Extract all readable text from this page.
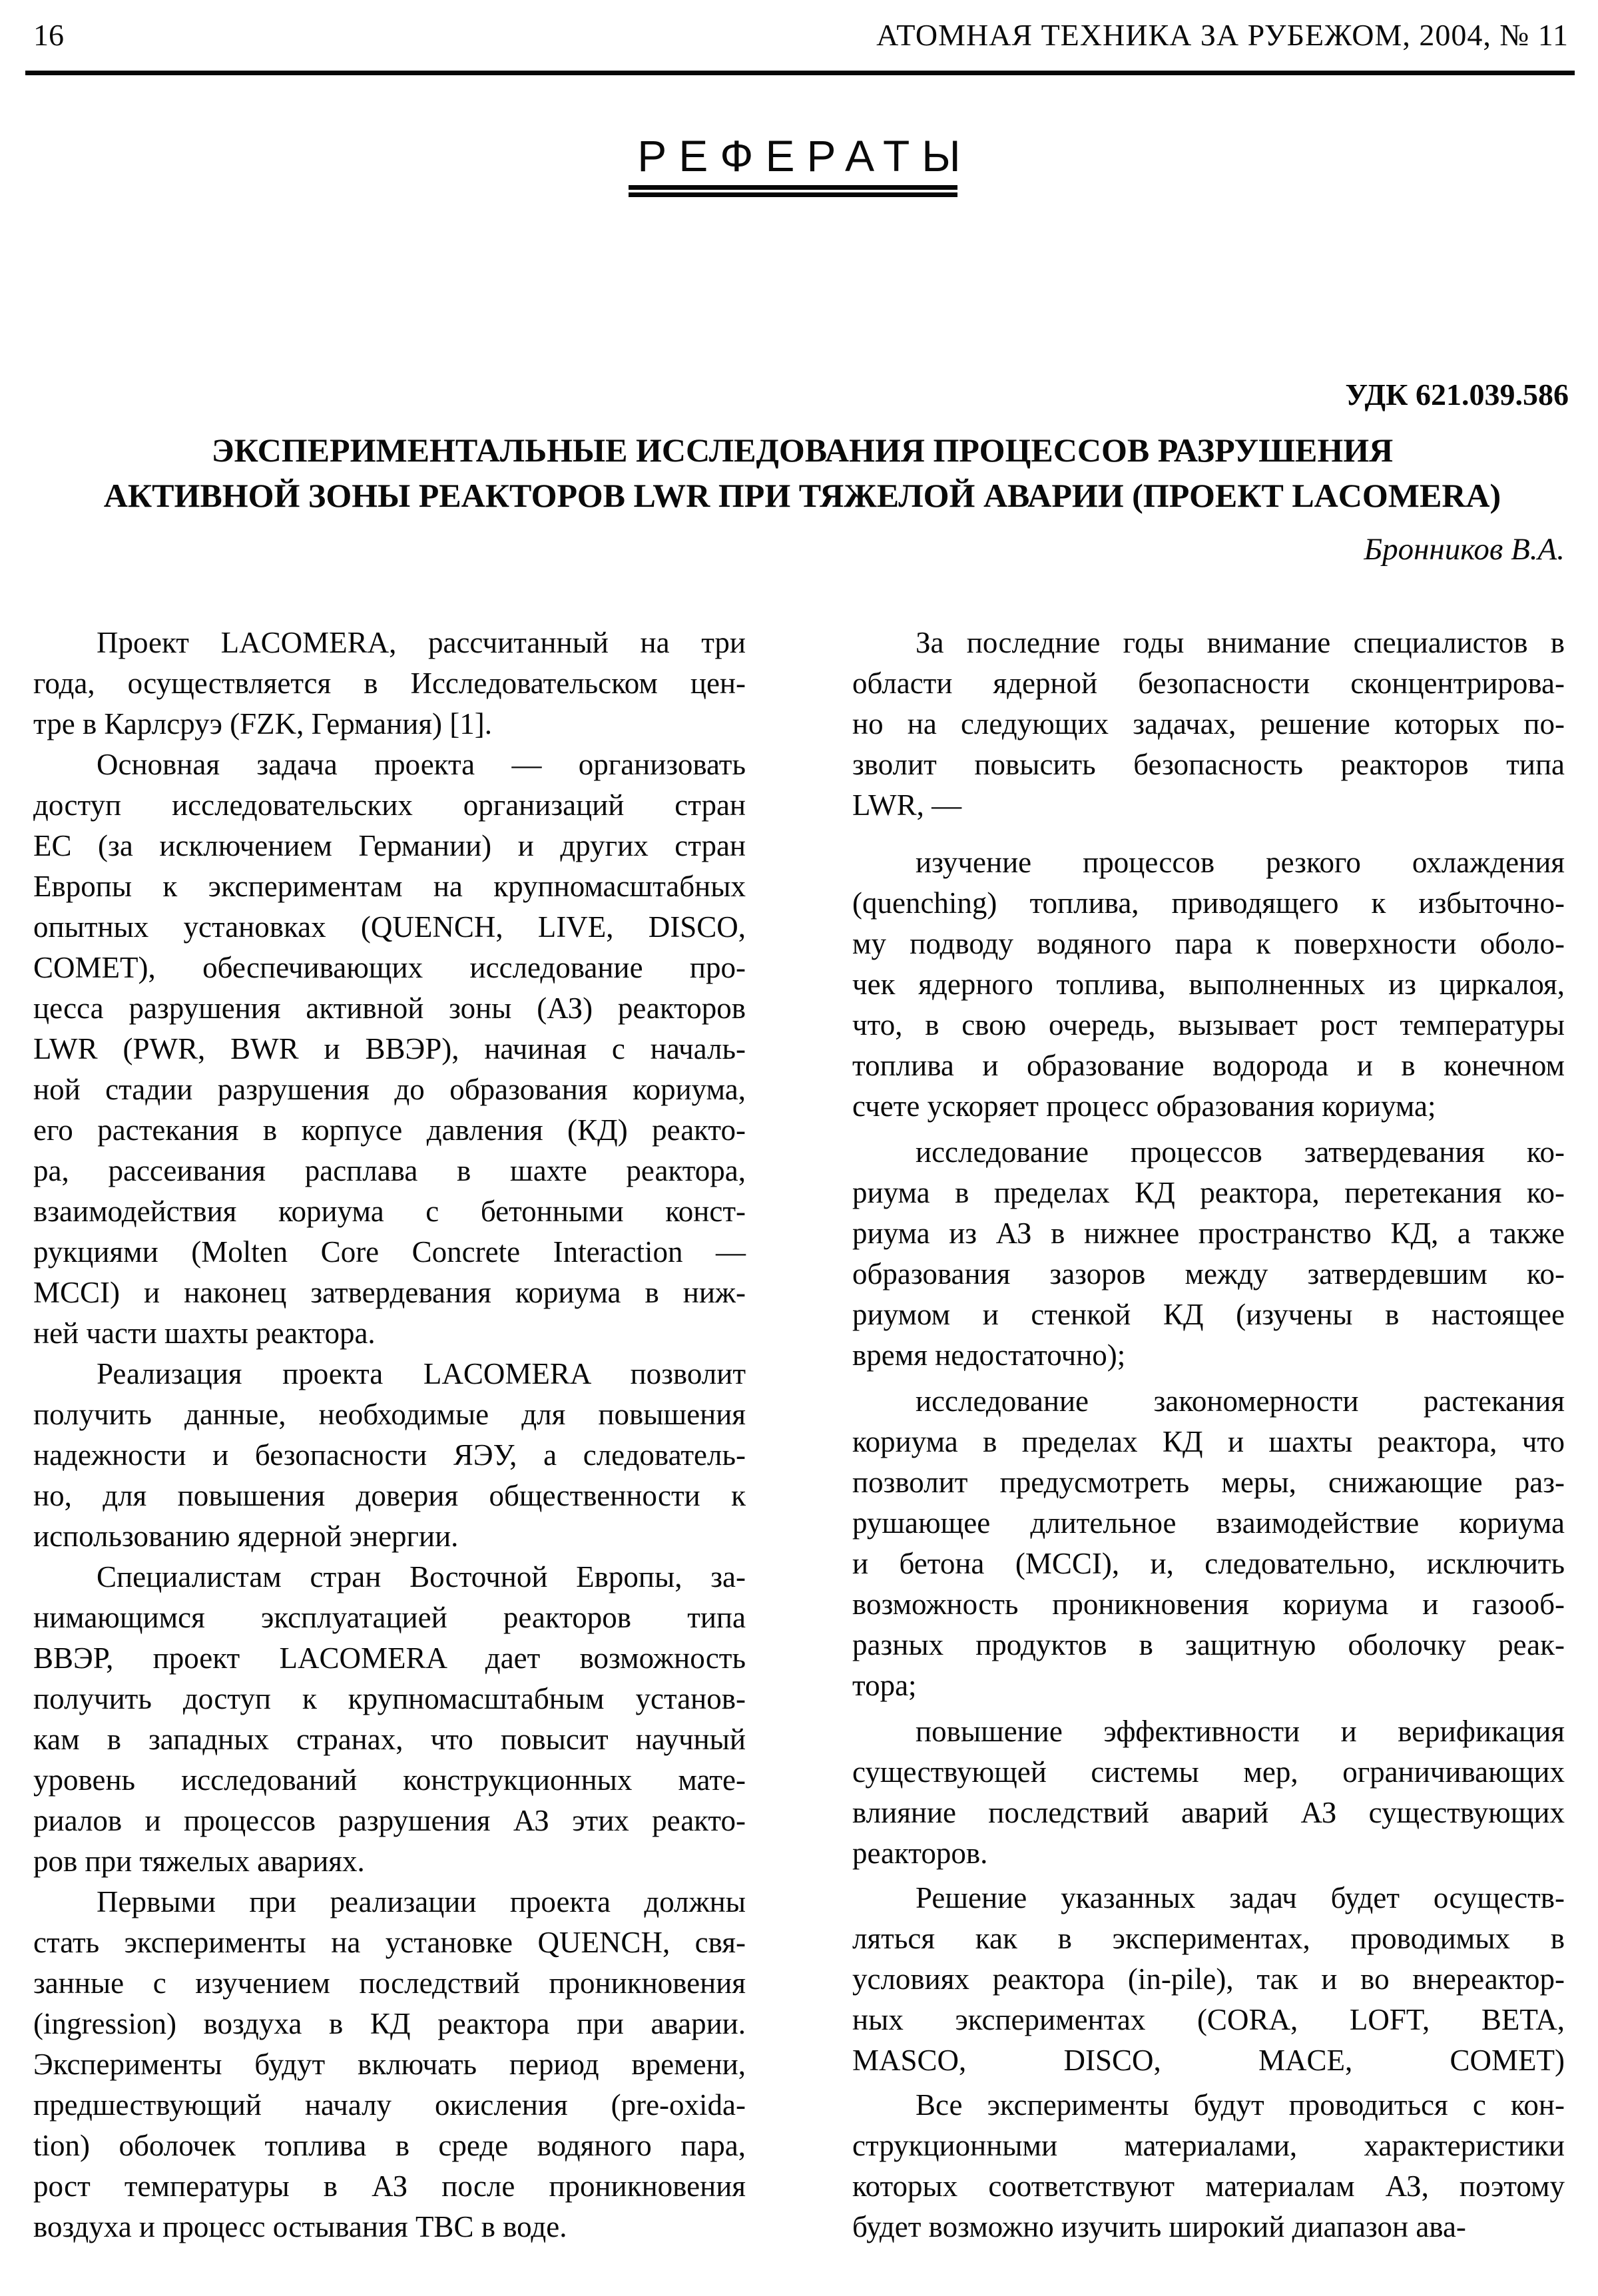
16	АТОМНАЯ ТЕХНИКА ЗА РУБЕЖОМ, 2004, № 11
РЕФЕРАТЫ
УДК 621.039.586
ЭКСПЕРИМЕНТАЛЬНЫЕ ИССЛЕДОВАНИЯ ПРОЦЕССОВ РАЗРУШЕНИЯ
АКТИВНОЙ ЗОНЫ РЕАКТОРОВ LWR ПРИ ТЯЖЕЛОЙ АВАРИИ (ПРОЕКТ LACOMERA)
Бронников В.А.
Проект LACOMERA, рассчитанный на три
года, осуществляется в Исследовательском цен-
тре в Карлсруэ (FZK, Германия) [1].
Основная задача проекта — организовать
доступ исследовательских организаций стран
ЕС (за исключением Германии) и других стран
Европы к экспериментам на крупномасштабных
опытных установках (QUENCH, LIVE, DISCO,
COMET), обеспечивающих исследование про-
цесса разрушения активной зоны (АЗ) реакторов
LWR (PWR, BWR и ВВЭР), начиная с началь-
ной стадии разрушения до образования кориума,
его растекания в корпусе давления (КД) реакто-
ра, рассеивания расплава в шахте реактора,
взаимодействия кориума с бетонными конст-
рукциями (Molten Core Concrete Interaction —
MCCI) и наконец затвердевания кориума в ниж-
ней части шахты реактора.
Реализация проекта LACOMERA позволит
получить данные, необходимые для повышения
надежности и безопасности ЯЭУ, а следователь-
но, для повышения доверия общественности к
использованию ядерной энергии.
Специалистам стран Восточной Европы, за-
нимающимся эксплуатацией реакторов типа
ВВЭР, проект LACOMERA дает возможность
получить доступ к крупномасштабным установ-
кам в западных странах, что повысит научный
уровень исследований конструкционных мате-
риалов и процессов разрушения АЗ этих реакто-
ров при тяжелых авариях.
Первыми при реализации проекта должны
стать эксперименты на установке QUENCH, свя-
занные с изучением последствий проникновения
(ingression) воздуха в КД реактора при аварии.
Эксперименты будут включать период времени,
предшествующий началу окисления (pre-oxida-
tion) оболочек топлива в среде водяного пара,
рост температуры в АЗ после проникновения
воздуха и процесс остывания ТВС в воде.
За последние годы внимание специалистов в
области ядерной безопасности сконцентрирова-
но на следующих задачах, решение которых по-
зволит повысить безопасность реакторов типа
LWR, —
изучение процессов резкого охлаждения
(quenching) топлива, приводящего к избыточно-
му подводу водяного пара к поверхности оболо-
чек ядерного топлива, выполненных из циркалоя,
что, в свою очередь, вызывает рост температуры
топлива и образование водорода и в конечном
счете ускоряет процесс образования кориума;
исследование процессов затвердевания ко-
риума в пределах КД реактора, перетекания ко-
риума из АЗ в нижнее пространство КД, а также
образования зазоров между затвердевшим ко-
риумом и стенкой КД (изучены в настоящее
время недостаточно);
исследование закономерности растекания
кориума в пределах КД и шахты реактора, что
позволит предусмотреть меры, снижающие раз-
рушающее длительное взаимодействие кориума
и бетона (MCCI), и, следовательно, исключить
возможность проникновения кориума и газооб-
разных продуктов в защитную оболочку реак-
тора;
повышение эффективности и верификация
существующей системы мер, ограничивающих
влияние последствий аварий АЗ существующих
реакторов.
Решение указанных задач будет осуществ-
ляться как в экспериментах, проводимых в
условиях реактора (in-pile), так и во внереактор-
ных экспериментах (CORA, LOFT, BETA,
MASCO, DISCO, MACE, COMET)
Все эксперименты будут проводиться с кон-
струкционными материалами, характеристики
которых соответствуют материалам АЗ, поэтому
будет возможно изучить широкий диапазон ава-
